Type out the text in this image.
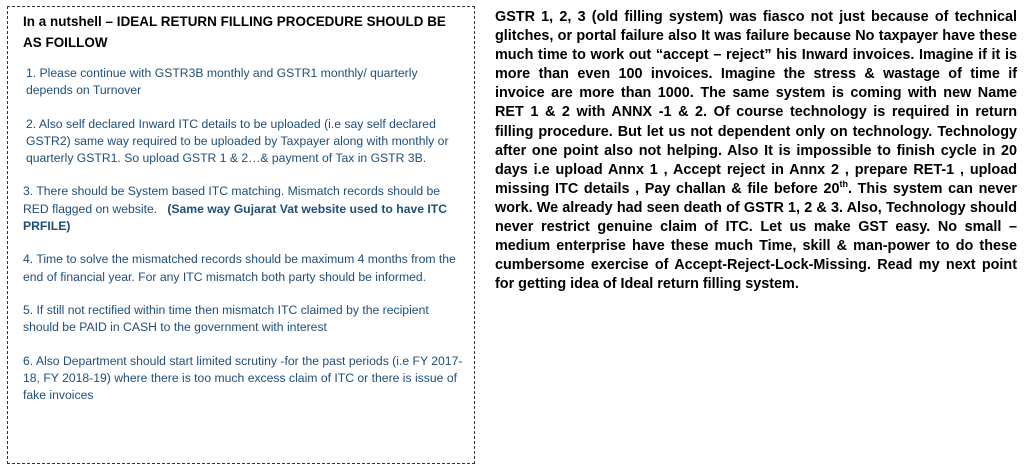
In a nutshell – IDEAL RETURN FILLING PROCEDURE SHOULD BE AS FOILLOW
1. Please continue with GSTR3B monthly and GSTR1 monthly/ quarterly depends on Turnover
2. Also self declared Inward ITC details to be uploaded (i.e say self declared GSTR2) same way required to be uploaded by Taxpayer along with monthly or quarterly GSTR1. So upload GSTR 1 & 2…& payment of Tax in GSTR 3B.
3. There should be System based ITC matching. Mismatch records should be RED flagged on website. (Same way Gujarat Vat website used to have ITC PRFILE)
4. Time to solve the mismatched records should be maximum 4 months from the end of financial year. For any ITC mismatch both party should be informed.
5. If still not rectified within time then mismatch ITC claimed by the recipient should be PAID in CASH to the government with interest
6. Also Department should start limited scrutiny -for the past periods (i.e FY 2017-18, FY 2018-19) where there is too much excess claim of ITC or there is issue of fake invoices

GSTR 1, 2, 3 (old filling system) was fiasco not just because of technical glitches, or portal failure also It was failure because No taxpayer have these much time to work out “accept – reject” his Inward invoices. Imagine if it is more than even 100 invoices. Imagine the stress & wastage of time if invoice are more than 1000. The same system is coming with new Name RET 1 & 2 with ANNX -1 & 2. Of course technology is required in return filling procedure. But let us not dependent only on technology. Technology after one point also not helping. Also It is impossible to finish cycle in 20 days i.e upload Annx 1 , Accept reject in Annx 2 , prepare RET-1 , upload missing ITC details , Pay challan & file before 20th. This system can never work. We already had seen death of GSTR 1, 2 & 3. Also, Technology should never restrict genuine claim of ITC. Let us make GST easy. No small – medium enterprise have these much Time, skill & man-power to do these cumbersome exercise of Accept-Reject-Lock-Missing. Read my next point for getting idea of Ideal return filling system.
